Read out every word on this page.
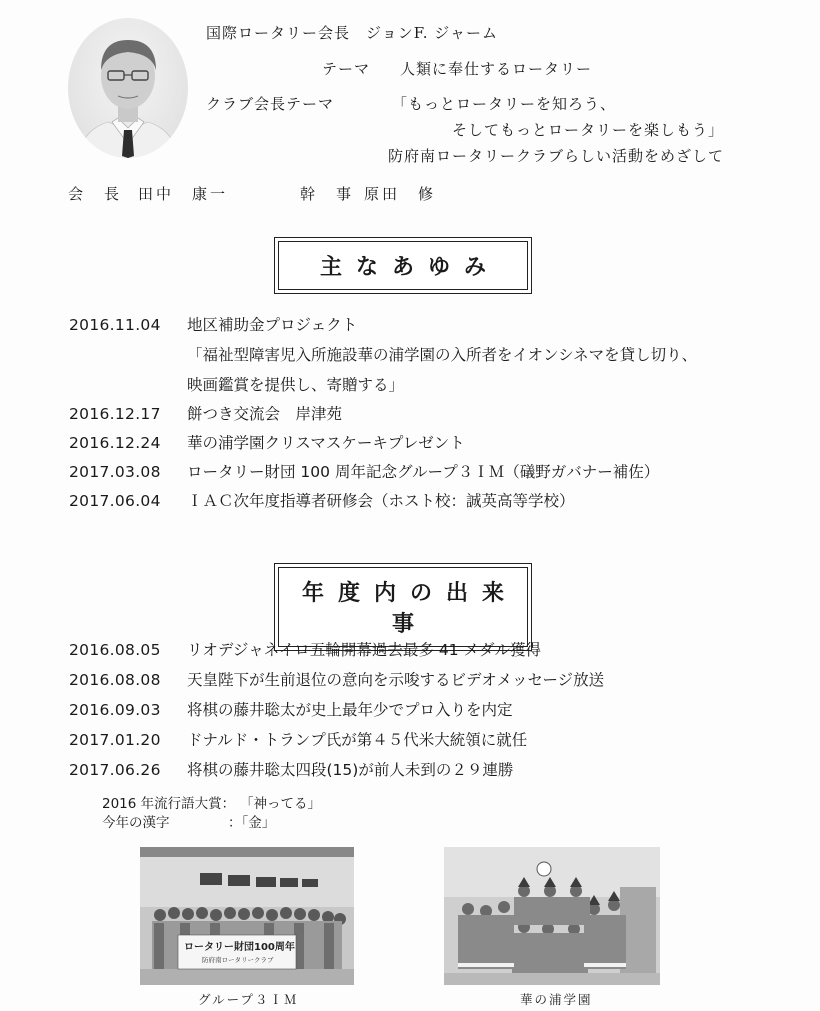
国際ロータリー会長　ジョンF. ジャーム
テーマ 人類に奉仕するロータリー
クラブ会長テーマ	「もっとロータリーを知ろう、
そしてもっとロータリーを楽しもう」
防府南ロータリークラブらしい活動をめざして
会　長 田中　康一	幹　事 原田　修
主なあゆみ
2016.11.04 地区補助金プロジェクト
「福祉型障害児入所施設華の浦学園の入所者をイオンシネマを貸し切り、
映画鑑賞を提供し、寄贈する」
2016.12.17 餅つき交流会　岸津苑
2016.12.24 華の浦学園クリスマスケーキプレゼント
2017.03.08 ロータリー財団 100 周年記念グループ３ＩＭ（礒野ガバナー補佐）
2017.06.04 ＩＡＣ次年度指導者研修会（ホスト校：誠英高等学校）
年度内の出来事
2016.08.05 リオデジャネイロ五輪開幕過去最多 41 メダル獲得
2016.08.08 天皇陛下が生前退位の意向を示唆するビデオメッセージ放送
2016.09.03 将棋の藤井聡太が史上最年少でプロ入りを内定
2017.01.20 ドナルド・トランプ氏が第４５代米大統領に就任
2017.06.26 将棋の藤井聡太四段(15)が前人未到の２９連勝
2016 年流行語大賞： 「神ってる」
今年の漢字	：「金」
ロータリー財団100周年
防府南ロータリークラブ
グループ３ＩＭ	華の浦学園
